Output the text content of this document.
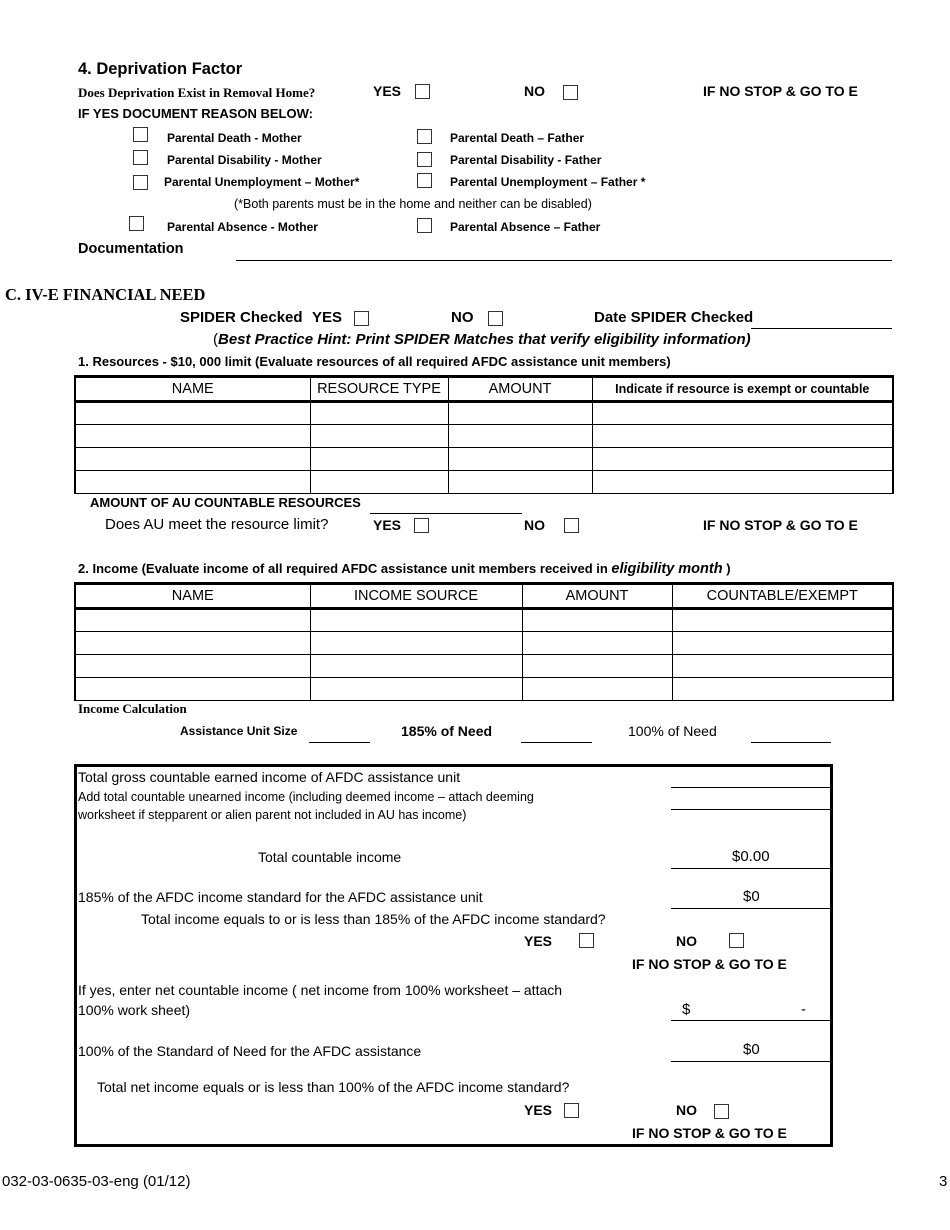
4. Deprivation Factor
Does Deprivation Exist in Removal Home?	YES	NO	IF NO STOP & GO TO E
IF YES DOCUMENT REASON BELOW:
Parental Death - Mother	Parental Death – Father
Parental Disability - Mother	Parental Disability - Father
Parental Unemployment – Mother*	Parental Unemployment – Father *
(*Both parents must be in the home and neither can be disabled)
Parental Absence - Mother	Parental Absence – Father
Documentation
C. IV-E FINANCIAL NEED
SPIDER Checked YES	NO	Date SPIDER Checked
(Best Practice Hint: Print SPIDER Matches that verify eligibility information)
1. Resources - $10, 000 limit (Evaluate resources of all required AFDC assistance unit members)
NAME	RESOURCE TYPE	AMOUNT	Indicate if resource is exempt or countable

AMOUNT OF AU COUNTABLE RESOURCES
Does AU meet the resource limit?	YES	NO	IF NO STOP & GO TO E
2. Income (Evaluate income of all required AFDC assistance unit members received in eligibility month )
NAME	INCOME SOURCE	AMOUNT	COUNTABLE/EXEMPT

Income Calculation
Assistance Unit Size	185% of Need	100% of Need
Total gross countable earned income of AFDC assistance unit
Add total countable unearned income (including deemed income – attach deeming
worksheet if stepparent or alien parent not included in AU has income)
Total countable income	$0.00
185% of the AFDC income standard for the AFDC assistance unit	$0
Total income equals to or is less than 185% of the AFDC income standard?
YES	NO
IF NO STOP & GO TO E
If yes, enter net countable income ( net income from 100% worksheet – attach
100% work sheet)	$	-
100% of the Standard of Need for the AFDC assistance	$0
Total net income equals or is less than 100% of the AFDC income standard?
YES	NO
IF NO STOP & GO TO E
032-03-0635-03-eng (01/12)	3
